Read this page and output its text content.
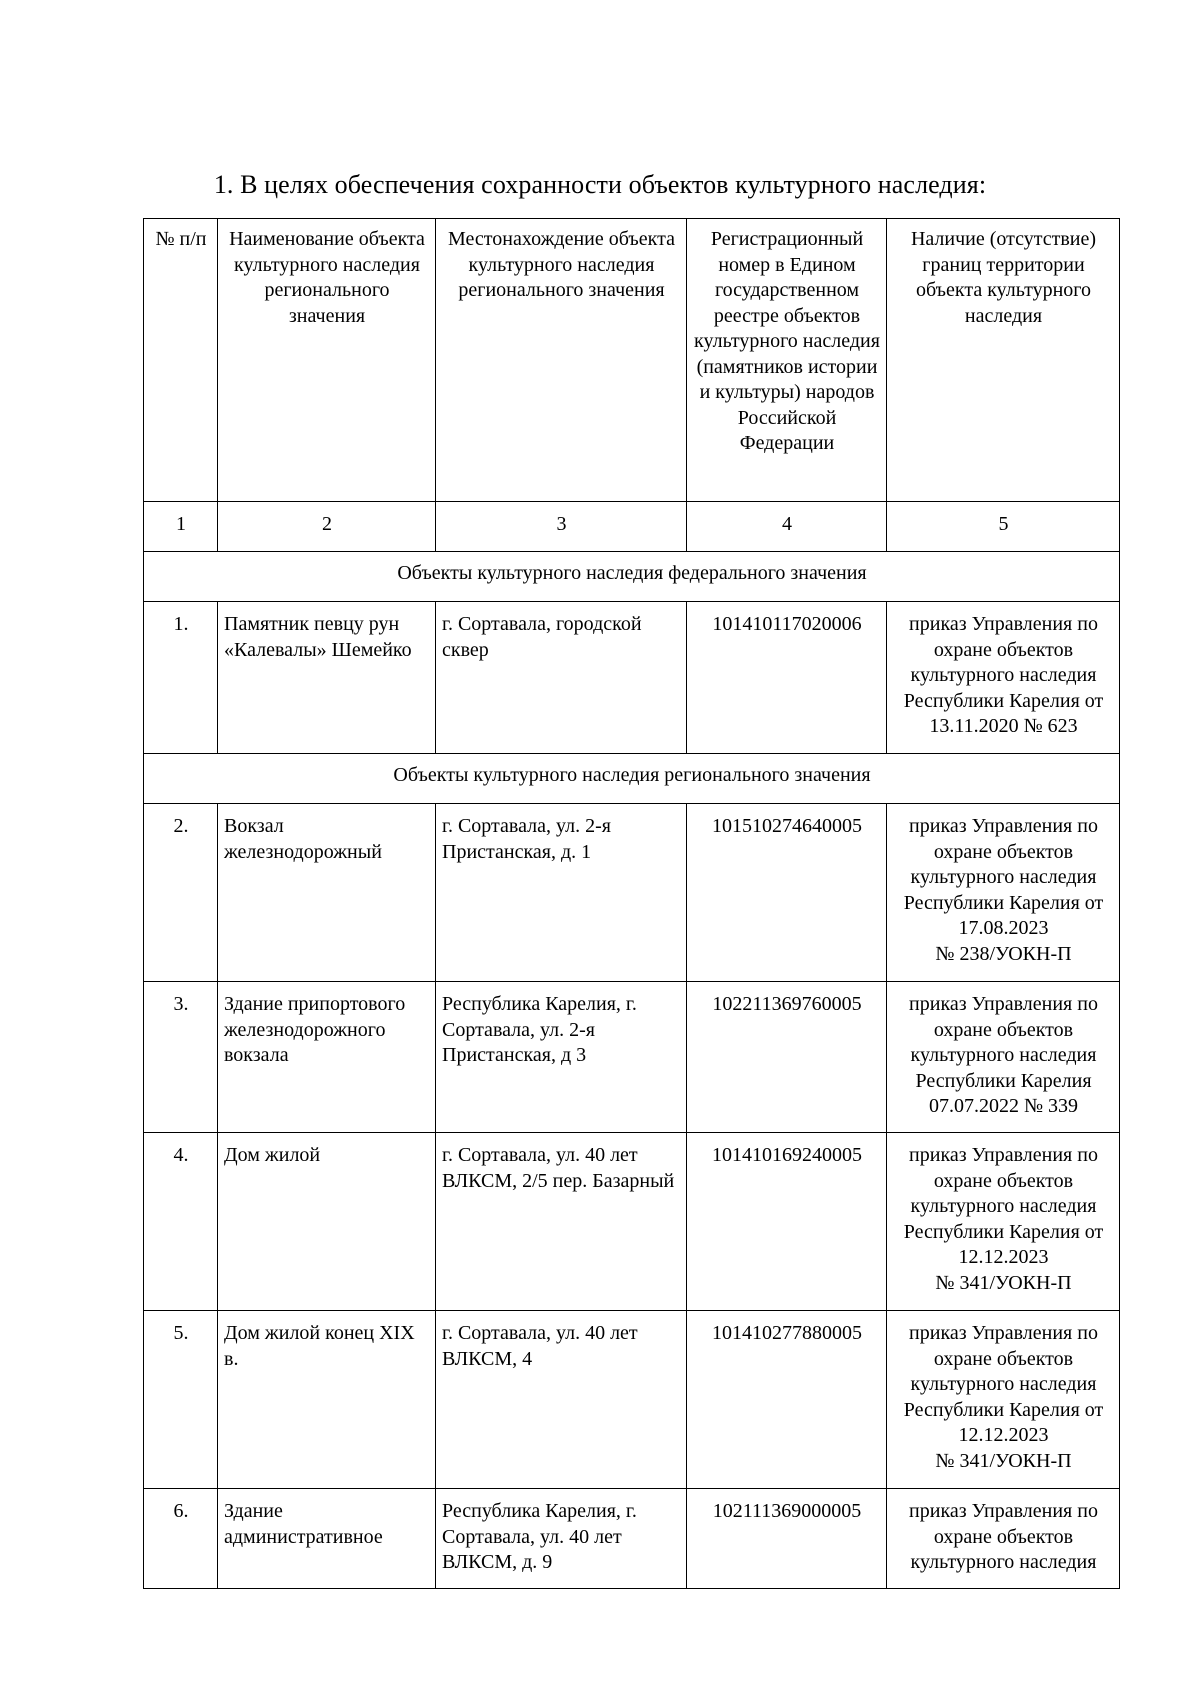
1. В целях обеспечения сохранности объектов культурного наследия:
№ п/п	Наименование объекта культурного наследия регионального значения	Местонахождение объекта культурного наследия регионального значения	Регистрационный номер в Едином государственном реестре объектов культурного наследия (памятников истории и культуры) народов Российской Федерации	Наличие (отсутствие) границ территории объекта культурного наследия
1	2	3	4	5
Объекты культурного наследия федерального значения				
1.	Памятник певцу рун «Калевалы» Шемейко	г. Сортавала, городской сквер	101410117020006	приказ Управления по охране объектов культурного наследия Республики Карелия от 13.11.2020 № 623
Объекты культурного наследия регионального значения				
2.	Вокзал железнодорожный	г. Сортавала, ул. 2-я Пристанская, д. 1	101510274640005	приказ Управления по охране объектов культурного наследия Республики Карелия от 17.08.2023
№ 238/УОКН-П
3.	Здание припортового железнодорожного вокзала	Республика Карелия, г. Сортавала, ул. 2-я Пристанская, д 3	102211369760005	приказ Управления по охране объектов культурного наследия Республики Карелия 07.07.2022 № 339
4.	Дом жилой	г. Сортавала, ул. 40 лет ВЛКСМ, 2/5 пер. Базарный	101410169240005	приказ Управления по охране объектов культурного наследия Республики Карелия от 12.12.2023
№ 341/УОКН-П
5.	Дом жилой конец XIX в.	г. Сортавала, ул. 40 лет ВЛКСМ, 4	101410277880005	приказ Управления по охране объектов культурного наследия Республики Карелия от 12.12.2023
№ 341/УОКН-П
6.	Здание административное	Республика Карелия, г. Сортавала, ул. 40 лет ВЛКСМ, д. 9	102111369000005	приказ Управления по охране объектов культурного наследия
